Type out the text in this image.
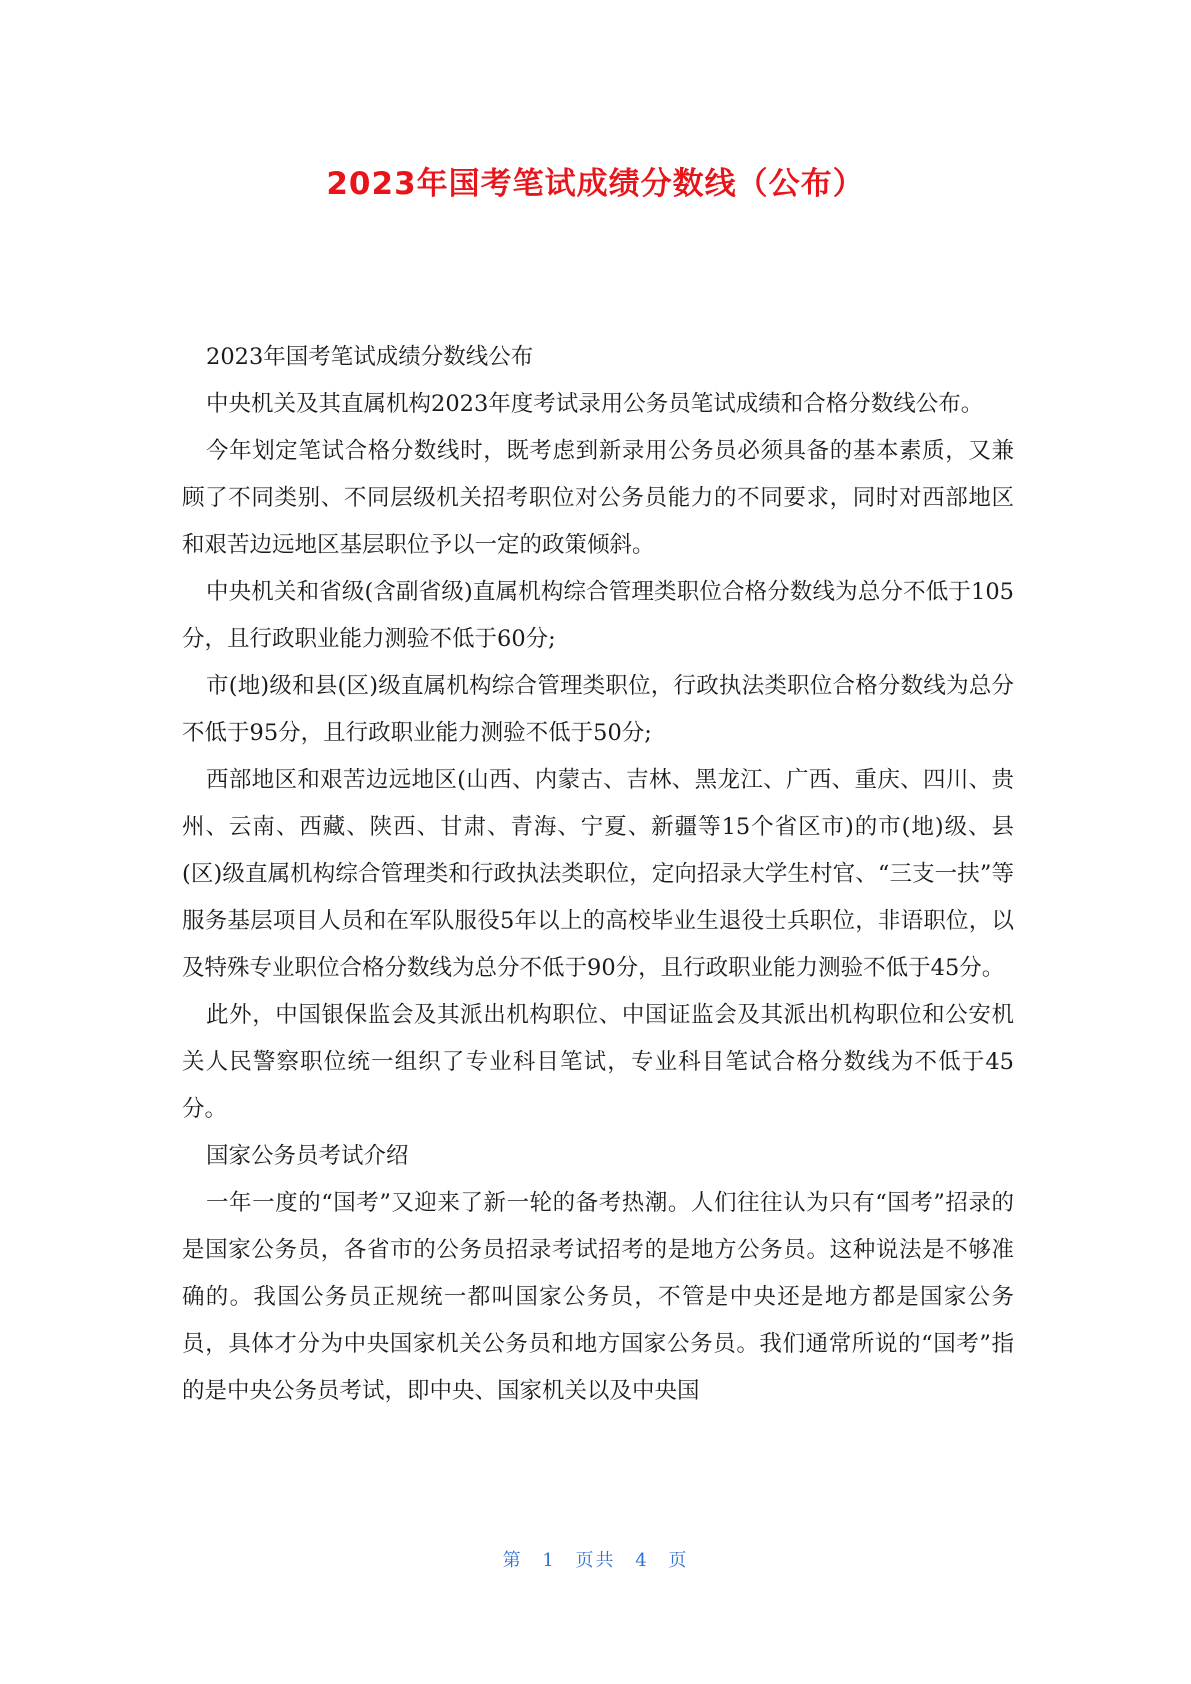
2023年国考笔试成绩分数线（公布）

2023年国考笔试成绩分数线公布

中央机关及其直属机构2023年度考试录用公务员笔试成绩和合格分数线公布。

今年划定笔试合格分数线时，既考虑到新录用公务员必须具备的基本素质，又兼顾了不同类别、不同层级机关招考职位对公务员能力的不同要求，同时对西部地区和艰苦边远地区基层职位予以一定的政策倾斜。

中央机关和省级(含副省级)直属机构综合管理类职位合格分数线为总分不低于105分，且行政职业能力测验不低于60分;

市(地)级和县(区)级直属机构综合管理类职位，行政执法类职位合格分数线为总分不低于95分，且行政职业能力测验不低于50分;

西部地区和艰苦边远地区(山西、内蒙古、吉林、黑龙江、广西、重庆、四川、贵州、云南、西藏、陕西、甘肃、青海、宁夏、新疆等15个省区市)的市(地)级、县(区)级直属机构综合管理类和行政执法类职位，定向招录大学生村官、“三支一扶”等服务基层项目人员和在军队服役5年以上的高校毕业生退役士兵职位，非语职位，以及特殊专业职位合格分数线为总分不低于90分，且行政职业能力测验不低于45分。

此外，中国银保监会及其派出机构职位、中国证监会及其派出机构职位和公安机关人民警察职位统一组织了专业科目笔试，专业科目笔试合格分数线为不低于45分。

国家公务员考试介绍

一年一度的“国考”又迎来了新一轮的备考热潮。人们往往认为只有“国考”招录的是国家公务员，各省市的公务员招录考试招考的是地方公务员。这种说法是不够准确的。我国公务员正规统一都叫国家公务员，不管是中央还是地方都是国家公务员，具体才分为中央国家机关公务员和地方国家公务员。我们通常所说的“国考”指的是中央公务员考试，即中央、国家机关以及中央国

第 1 页共 4 页
